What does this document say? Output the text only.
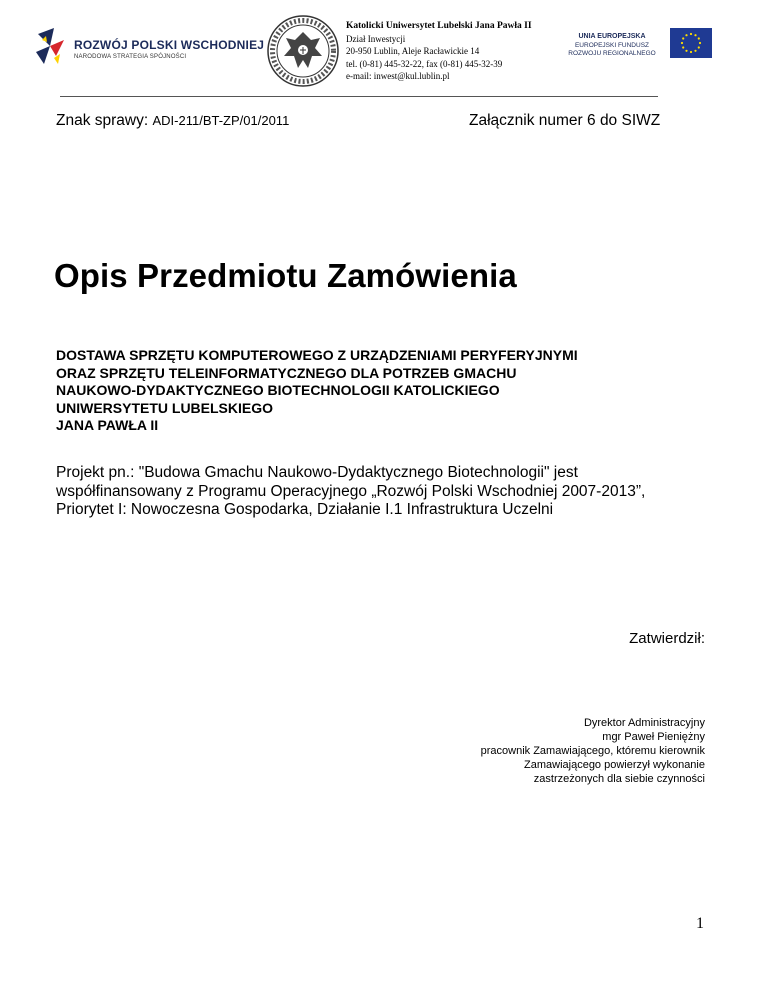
ROZWÓJ POLSKI WSCHODNIEJ
NARODOWA STRATEGIA SPÓJNOŚCI
Katolicki Uniwersytet Lubelski Jana Pawła II
Dział Inwestycji
20-950 Lublin, Aleje Racławickie 14
tel. (0-81) 445-32-22, fax (0-81) 445-32-39
e-mail: inwest@kul.lublin.pl
UNIA EUROPEJSKA
EUROPEJSKI FUNDUSZ
ROZWOJU REGIONALNEGO
Znak sprawy: ADI-211/BT-ZP/01/2011	Załącznik numer 6 do SIWZ
Opis Przedmiotu Zamówienia
DOSTAWA SPRZĘTU KOMPUTEROWEGO Z URZĄDZENIAMI PERYFERYJNYMI
ORAZ SPRZĘTU TELEINFORMATYCZNEGO DLA POTRZEB GMACHU
NAUKOWO-DYDAKTYCZNEGO BIOTECHNOLOGII KATOLICKIEGO
UNIWERSYTETU LUBELSKIEGO
JANA PAWŁA II
Projekt pn.: "Budowa Gmachu Naukowo-Dydaktycznego Biotechnologii" jest
współfinansowany z Programu Operacyjnego „Rozwój Polski Wschodniej 2007-2013”,
Priorytet I: Nowoczesna Gospodarka, Działanie I.1 Infrastruktura Uczelni
Zatwierdził:
Dyrektor Administracyjny
mgr Paweł Pieniężny
pracownik Zamawiającego, któremu kierownik
Zamawiającego powierzył wykonanie
zastrzeżonych dla siebie czynności
1
